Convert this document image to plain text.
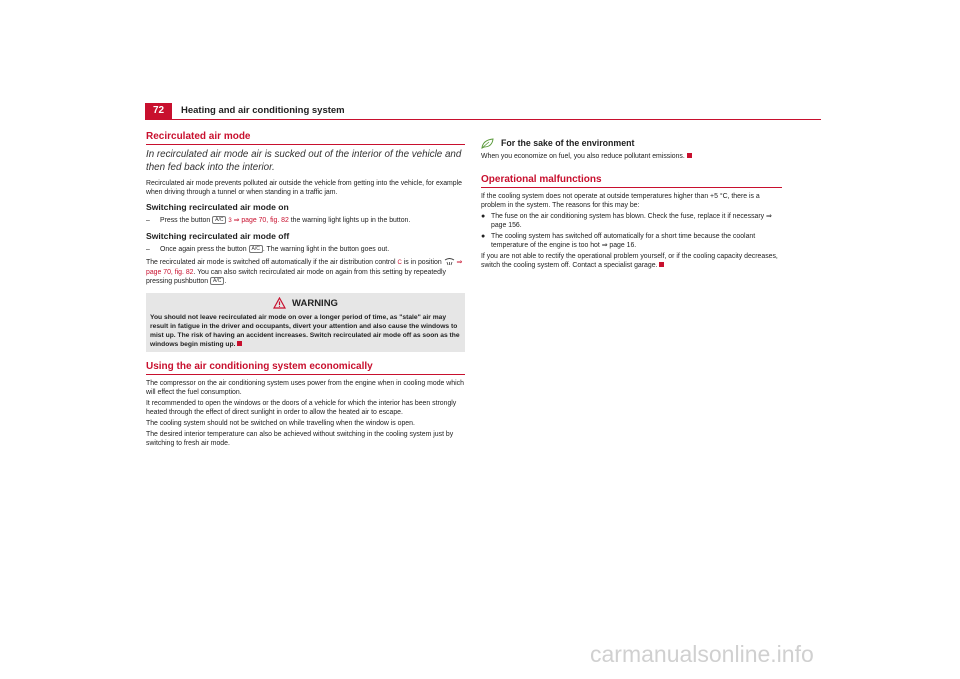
72	Heating and air conditioning system
Recirculated air mode

In recirculated air mode air is sucked out of the interior of the vehicle and then fed back into the interior.

Recirculated air mode prevents polluted air outside the vehicle from getting into the vehicle, for example when driving through a tunnel or when standing in a traffic jam.

Switching recirculated air mode on
– Press the button A/C 3 ⇒ page 70, fig. 82 the warning light lights up in the button.
Switching recirculated air mode off
– Once again press the button A/C . The warning light in the button goes out.

The recirculated air mode is switched off automatically if the air distribution control C is in position ⇒ page 70, fig. 82. You can also switch recirculated air mode on again from this setting by repeatedly pressing pushbutton A/C .

WARNING
You should not leave recirculated air mode on over a longer period of time, as "stale" air may result in fatigue in the driver and occupants, divert your attention and also cause the windows to mist up. The risk of having an accident increases. Switch recirculated air mode off as soon as the windows begin misting up.
Using the air conditioning system economically

The compressor on the air conditioning system uses power from the engine when in cooling mode which will effect the fuel consumption.

It recommended to open the windows or the doors of a vehicle for which the interior has been strongly heated through the effect of direct sunlight in order to allow the heated air to escape.

The cooling system should not be switched on while travelling when the window is open.

The desired interior temperature can also be achieved without switching in the cooling system just by switching to fresh air mode.

For the sake of the environment

When you economize on fuel, you also reduce pollutant emissions.

Operational malfunctions

If the cooling system does not operate at outside temperatures higher than +5 °C, there is a problem in the system. The reasons for this may be:

● The fuse on the air conditioning system has blown. Check the fuse, replace it if necessary ⇒ page 156.
● The cooling system has switched off automatically for a short time because the coolant temperature of the engine is too hot ⇒ page 16.

If you are not able to rectify the operational problem yourself, or if the cooling capacity decreases, switch the cooling system off. Contact a specialist garage.

carmanualsonline.info
